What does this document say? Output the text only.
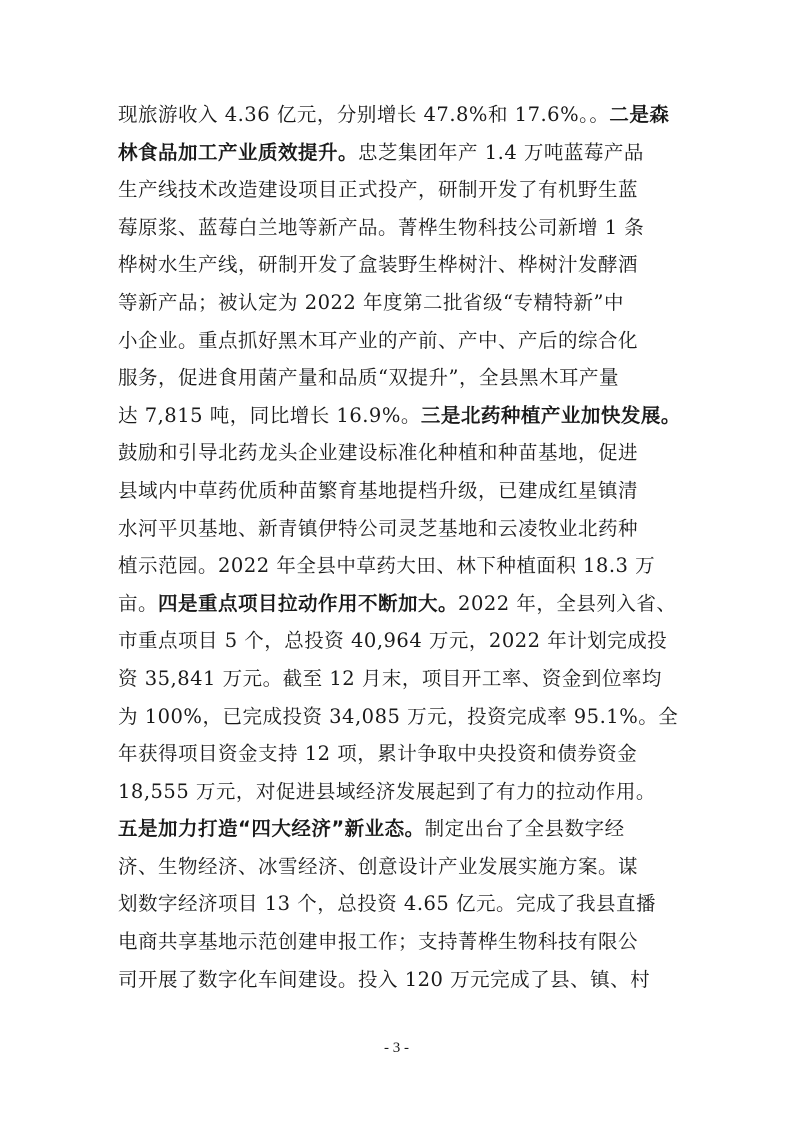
现旅游收入 4.36 亿元，分别增长 47.8%和 17.6%。。二是森
林食品加工产业质效提升。忠芝集团年产 1.4 万吨蓝莓产品
生产线技术改造建设项目正式投产，研制开发了有机野生蓝
莓原浆、蓝莓白兰地等新产品。菁桦生物科技公司新增 1 条
桦树水生产线，研制开发了盒装野生桦树汁、桦树汁发酵酒
等新产品；被认定为 2022 年度第二批省级“专精特新”中
小企业。重点抓好黑木耳产业的产前、产中、产后的综合化
服务，促进食用菌产量和品质“双提升”，全县黑木耳产量
达 7,815 吨，同比增长 16.9%。三是北药种植产业加快发展。
鼓励和引导北药龙头企业建设标准化种植和种苗基地，促进
县域内中草药优质种苗繁育基地提档升级，已建成红星镇清
水河平贝基地、新青镇伊特公司灵芝基地和云凌牧业北药种
植示范园。2022 年全县中草药大田、林下种植面积 18.3 万
亩。四是重点项目拉动作用不断加大。2022 年，全县列入省、
市重点项目 5 个，总投资 40,964 万元，2022 年计划完成投
资 35,841 万元。截至 12 月末，项目开工率、资金到位率均
为 100%，已完成投资 34,085 万元，投资完成率 95.1%。全
年获得项目资金支持 12 项，累计争取中央投资和债券资金
18,555 万元，对促进县域经济发展起到了有力的拉动作用。
五是加力打造“四大经济”新业态。制定出台了全县数字经
济、生物经济、冰雪经济、创意设计产业发展实施方案。谋
划数字经济项目 13 个，总投资 4.65 亿元。完成了我县直播
电商共享基地示范创建申报工作；支持菁桦生物科技有限公
司开展了数字化车间建设。投入 120 万元完成了县、镇、村
- 3 -
